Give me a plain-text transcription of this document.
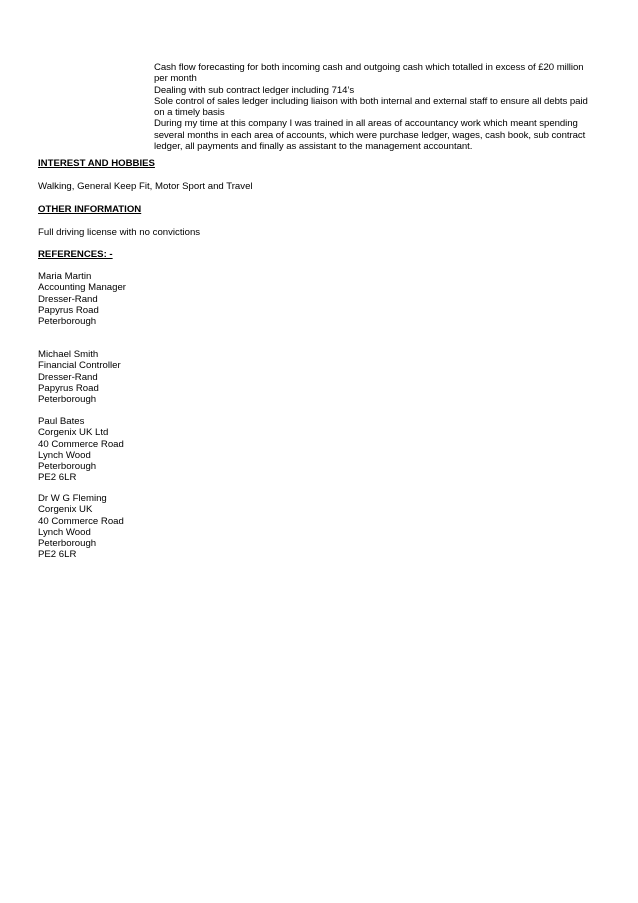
Cash flow forecasting for both incoming cash and outgoing cash which totalled in excess of £20 million per month

Dealing with sub contract ledger including 714’s

Sole control of sales ledger including liaison with both internal and external staff to ensure all debts paid on a timely basis

During my time at this company I was trained in all areas of accountancy work which meant spending several months in each area of accounts, which were purchase ledger, wages, cash book, sub contract ledger, all payments and finally as assistant to the management accountant.

INTEREST AND HOBBIES

Walking, General Keep Fit, Motor Sport and Travel

OTHER INFORMATION

Full driving license with no convictions

REFERENCES: -

Maria Martin

Accounting Manager

Dresser-Rand

Papyrus Road

Peterborough

Michael Smith

Financial Controller

Dresser-Rand

Papyrus Road

Peterborough

Paul Bates

Corgenix UK Ltd

40 Commerce Road

Lynch Wood

Peterborough

PE2 6LR

Dr W G Fleming

Corgenix UK

40 Commerce Road

Lynch Wood

Peterborough

PE2 6LR
